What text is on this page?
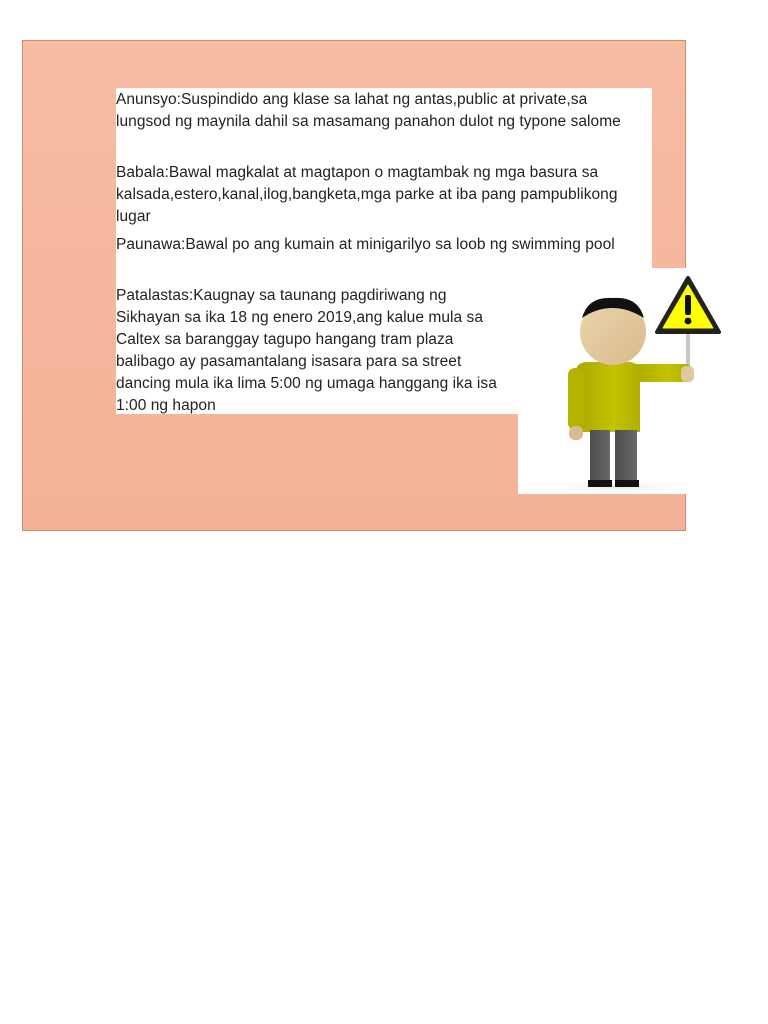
Anunsyo:Suspindido ang klase sa lahat ng antas,public at private,sa lungsod ng maynila dahil sa masamang panahon dulot ng typone salome

Babala:Bawal magkalat at magtapon o magtambak ng mga basura sa kalsada,estero,kanal,ilog,bangketa,mga parke at iba pang pampublikong lugar

Paunawa:Bawal po ang kumain at minigarilyo sa loob ng swimming pool

Patalastas:Kaugnay sa taunang pagdiriwang ng Sikhayan sa ika 18 ng enero 2019,ang kalue mula sa Caltex sa baranggay tagupo hangang tram plaza balibago ay pasamantalang isasara para sa street dancing mula ika lima 5:00 ng umaga hanggang ika isa 1:00 ng hapon
